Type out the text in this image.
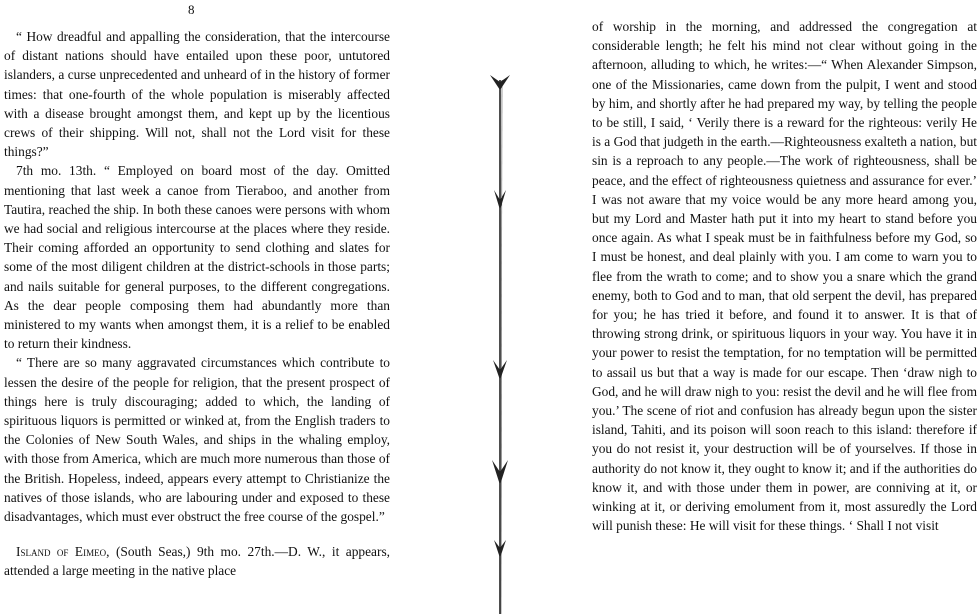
8

“ How dreadful and appalling the consideration, that the intercourse of distant nations should have entailed upon these poor, untutored islanders, a curse unprecedented and unheard of in the history of former times: that one-fourth of the whole population is miserably affected with a disease brought amongst them, and kept up by the licentious crews of their shipping. Will not, shall not the Lord visit for these things?”

7th mo. 13th. “ Employed on board most of the day. Omitted mentioning that last week a canoe from Tieraboo, and another from Tautira, reached the ship. In both these canoes were persons with whom we had social and religious intercourse at the places where they reside. Their coming afforded an opportunity to send clothing and slates for some of the most diligent children at the district-schools in those parts; and nails suitable for general purposes, to the different congregations. As the dear people composing them had abundantly more than ministered to my wants when amongst them, it is a relief to be enabled to return their kindness.

“ There are so many aggravated circumstances which contribute to lessen the desire of the people for religion, that the present prospect of things here is truly discouraging; added to which, the landing of spirituous liquors is permitted or winked at, from the English traders to the Colonies of New South Wales, and ships in the whaling employ, with those from America, which are much more numerous than those of the British. Hopeless, indeed, appears every attempt to Christianize the natives of those islands, who are labouring under and exposed to these disadvantages, which must ever obstruct the free course of the gospel.”

Island of Eimeo, (South Seas,) 9th mo. 27th.—D. W., it appears, attended a large meeting in the native place

of worship in the morning, and addressed the congregation at considerable length; he felt his mind not clear without going in the afternoon, alluding to which, he writes:—“ When Alexander Simpson, one of the Missionaries, came down from the pulpit, I went and stood by him, and shortly after he had prepared my way, by telling the people to be still, I said, ‘ Verily there is a reward for the righteous: verily He is a God that judgeth in the earth.—Righteousness exalteth a nation, but sin is a reproach to any people.—The work of righteousness, shall be peace, and the effect of righteousness quietness and assurance for ever.’ I was not aware that my voice would be any more heard among you, but my Lord and Master hath put it into my heart to stand before you once again. As what I speak must be in faithfulness before my God, so I must be honest, and deal plainly with you. I am come to warn you to flee from the wrath to come; and to show you a snare which the grand enemy, both to God and to man, that old serpent the devil, has prepared for you; he has tried it before, and found it to answer. It is that of throwing strong drink, or spirituous liquors in your way. You have it in your power to resist the temptation, for no temptation will be permitted to assail us but that a way is made for our escape. Then ‘draw nigh to God, and he will draw nigh to you: resist the devil and he will flee from you.’ The scene of riot and confusion has already begun upon the sister island, Tahiti, and its poison will soon reach to this island: therefore if you do not resist it, your destruction will be of yourselves. If those in authority do not know it, they ought to know it; and if the authorities do know it, and with those under them in power, are conniving at it, or winking at it, or deriving emolument from it, most assuredly the Lord will punish these: He will visit for these things. ‘ Shall I not visit
